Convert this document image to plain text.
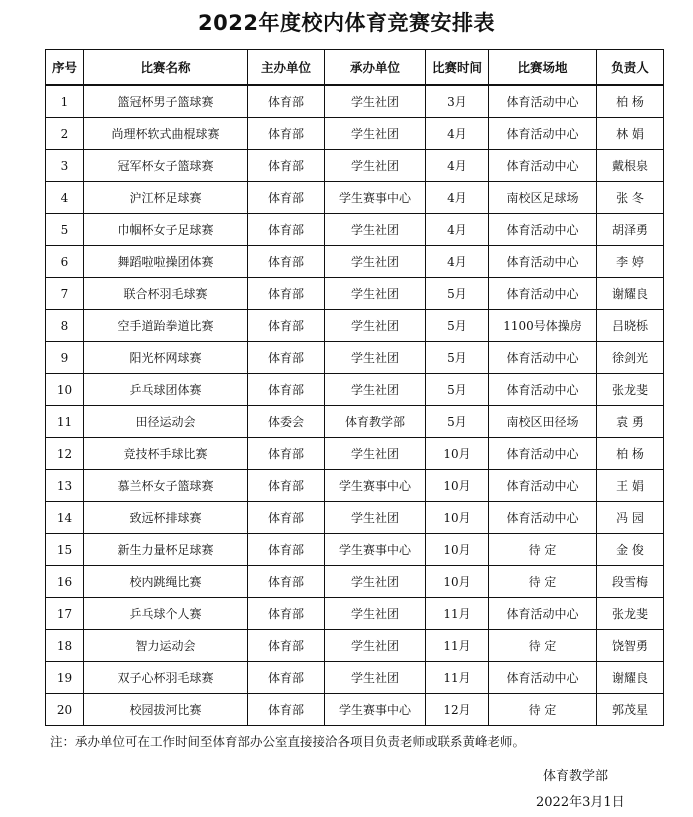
2022年度校内体育竞赛安排表
序号	比赛名称	主办单位	承办单位	比赛时间	比赛场地	负责人
1	篮冠杯男子篮球赛	体育部	学生社团	3月	体育活动中心	柏 杨
2	尚理杯软式曲棍球赛	体育部	学生社团	4月	体育活动中心	林 娟
3	冠军杯女子篮球赛	体育部	学生社团	4月	体育活动中心	戴根泉
4	沪江杯足球赛	体育部	学生赛事中心	4月	南校区足球场	张 冬
5	巾帼杯女子足球赛	体育部	学生社团	4月	体育活动中心	胡泽勇
6	舞蹈啦啦操团体赛	体育部	学生社团	4月	体育活动中心	李 婷
7	联合杯羽毛球赛	体育部	学生社团	5月	体育活动中心	谢耀良
8	空手道跆拳道比赛	体育部	学生社团	5月	1100号体操房	吕晓栎
9	阳光杯网球赛	体育部	学生社团	5月	体育活动中心	徐剑光
10	乒乓球团体赛	体育部	学生社团	5月	体育活动中心	张龙斐
11	田径运动会	体委会	体育教学部	5月	南校区田径场	袁 勇
12	竞技杯手球比赛	体育部	学生社团	10月	体育活动中心	柏 杨
13	慕兰杯女子篮球赛	体育部	学生赛事中心	10月	体育活动中心	王 娟
14	致远杯排球赛	体育部	学生社团	10月	体育活动中心	冯 园
15	新生力量杯足球赛	体育部	学生赛事中心	10月	待 定	金 俊
16	校内跳绳比赛	体育部	学生社团	10月	待 定	段雪梅
17	乒乓球个人赛	体育部	学生社团	11月	体育活动中心	张龙斐
18	智力运动会	体育部	学生社团	11月	待 定	饶智勇
19	双子心杯羽毛球赛	体育部	学生社团	11月	体育活动中心	谢耀良
20	校园拔河比赛	体育部	学生赛事中心	12月	待 定	郭茂星
注：承办单位可在工作时间至体育部办公室直接接洽各项目负责老师或联系黄峰老师。
体育教学部
2022年3月1日
